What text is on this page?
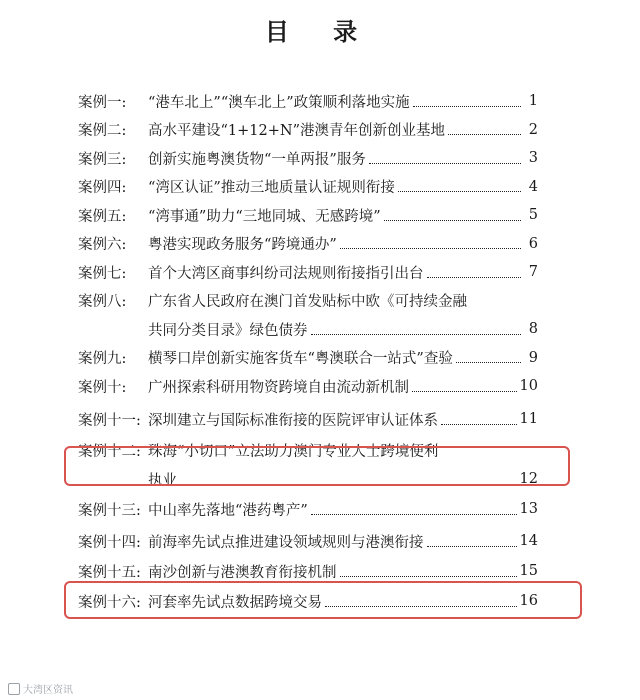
目 录
案例一:	“港车北上”“澳车北上”政策顺利落地实施	1
案例二:	高水平建设“1+12+N”港澳青年创新创业基地	2
案例三:	创新实施粤澳货物“一单两报”服务	3
案例四:	“湾区认证”推动三地质量认证规则衔接	4
案例五:	“湾事通”助力“三地同城、无感跨境”	5
案例六:	粤港实现政务服务“跨境通办”	6
案例七:	首个大湾区商事纠纷司法规则衔接指引出台	7
案例八:	广东省人民政府在澳门首发贴标中欧《可持续金融
共同分类目录》绿色债券	8
案例九:	横琴口岸创新实施客货车“粤澳联合一站式”查验	9
案例十:	广州探索科研用物资跨境自由流动新机制	10
案例十一: 深圳建立与国际标准衔接的医院评审认证体系	11
案例十二: 珠海“小切口”立法助力澳门专业人士跨境便利
执业	12
案例十三: 中山率先落地“港药粤产”	13
案例十四: 前海率先试点推进建设领域规则与港澳衔接	14
案例十五: 南沙创新与港澳教育衔接机制	15
案例十六: 河套率先试点数据跨境交易	16
大湾区资讯
